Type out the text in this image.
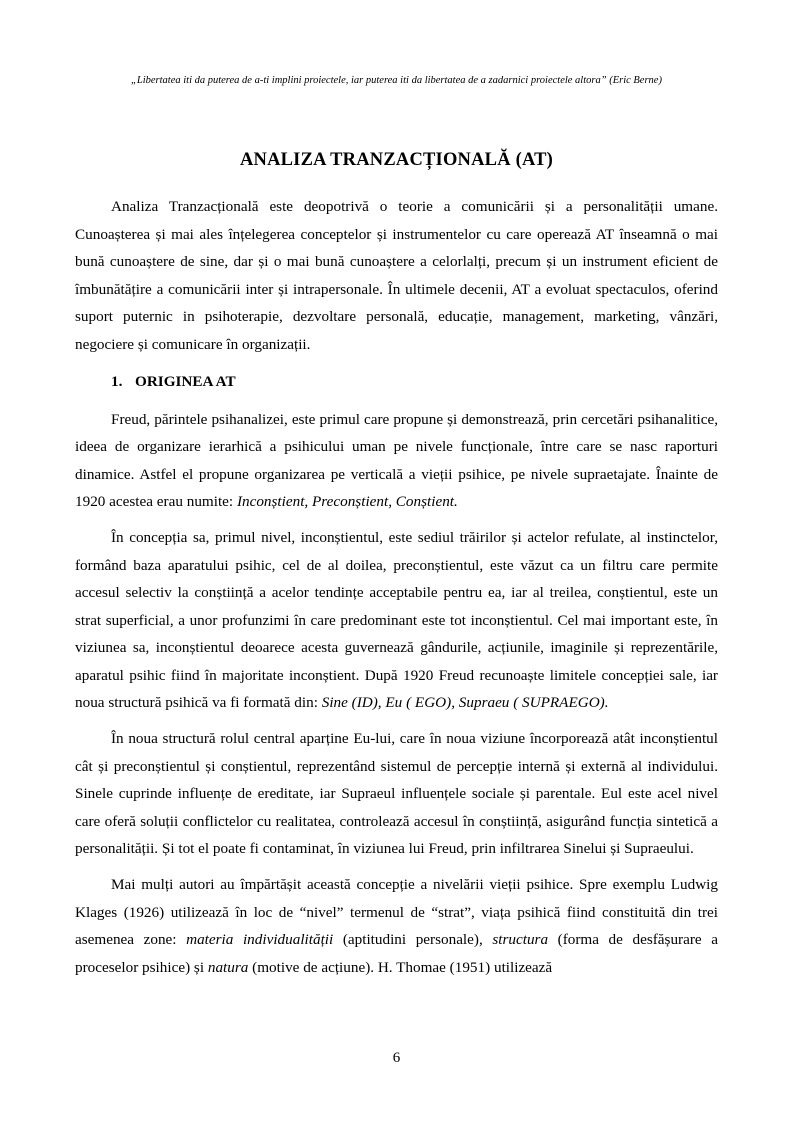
„Libertatea iti da puterea de a-ti implini proiectele, iar puterea iti da libertatea de a zadarnici proiectele altora” (Eric Berne)
ANALIZA TRANZACȚIONALĂ (AT)

Analiza Tranzacțională este deopotrivă o teorie a comunicării și a personalității umane. Cunoașterea și mai ales înțelegerea conceptelor și instrumentelor cu care operează AT înseamnă o mai bună cunoaștere de sine, dar și o mai bună cunoaștere a celorlalți, precum și un instrument eficient de îmbunătățire a comunicării inter și intrapersonale. În ultimele decenii, AT a evoluat spectaculos, oferind suport puternic in psihoterapie, dezvoltare personală, educație, management, marketing, vânzări, negociere și comunicare în organizații.

1. ORIGINEA AT

Freud, părintele psihanalizei, este primul care propune și demonstrează, prin cercetări psihanalitice, ideea de organizare ierarhică a psihicului uman pe nivele funcționale, între care se nasc raporturi dinamice. Astfel el propune organizarea pe verticală a vieții psihice, pe nivele supraetajate. Înainte de 1920 acestea erau numite: Inconștient, Preconștient, Conștient.

În concepția sa, primul nivel, inconștientul, este sediul trăirilor și actelor refulate, al instinctelor, formând baza aparatului psihic, cel de al doilea, preconștientul, este văzut ca un filtru care permite accesul selectiv la conștiință a acelor tendințe acceptabile pentru ea, iar al treilea, conștientul, este un strat superficial, a unor profunzimi în care predominant este tot inconștientul. Cel mai important este, în viziunea sa, inconștientul deoarece acesta guvernează gândurile, acțiunile, imaginile și reprezentările, aparatul psihic fiind în majoritate inconștient. După 1920 Freud recunoaște limitele concepției sale, iar noua structură psihică va fi formată din: Sine (ID), Eu ( EGO), Supraeu ( SUPRAEGO).

În noua structură rolul central aparține Eu-lui, care în noua viziune încorporează atât inconștientul cât și preconștientul și conștientul, reprezentând sistemul de percepție internă și externă al individului. Sinele cuprinde influențe de ereditate, iar Supraeul influențele sociale și parentale. Eul este acel nivel care oferă soluții conflictelor cu realitatea, controlează accesul în conștiință, asigurând funcția sintetică a personalității. Și tot el poate fi contaminat, în viziunea lui Freud, prin infiltrarea Sinelui și Supraeului.

Mai mulți autori au împărtășit această concepție a nivelării vieții psihice. Spre exemplu Ludwig Klages (1926) utilizează în loc de “nivel” termenul de “strat”, viața psihică fiind constituită din trei asemenea zone: materia individualității (aptitudini personale), structura (forma de desfășurare a proceselor psihice) și natura (motive de acțiune). H. Thomae (1951) utilizează

6
